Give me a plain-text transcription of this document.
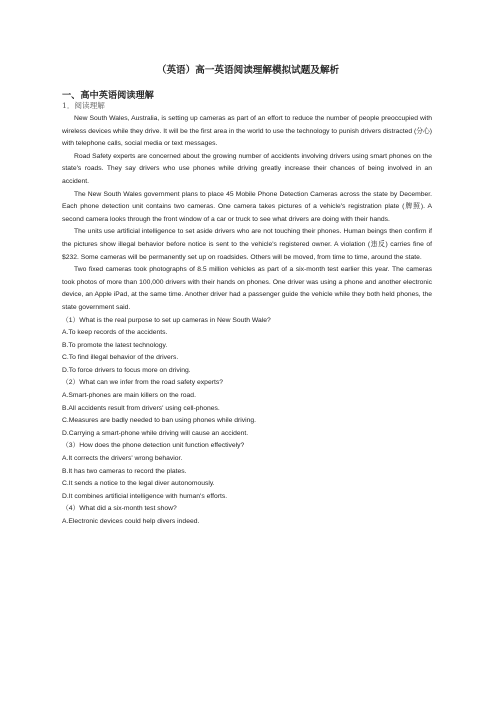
（英语）高一英语阅读理解模拟试题及解析
一、高中英语阅读理解
1．阅读理解

New South Wales, Australia, is setting up cameras as part of an effort to reduce the number of people preoccupied with wireless devices while they drive. It will be the first area in the world to use the technology to punish drivers distracted (分心) with telephone calls, social media or text messages.

Road Safety experts are concerned about the growing number of accidents involving drivers using smart phones on the state's roads. They say drivers who use phones while driving greatly increase their chances of being involved in an accident.

The New South Wales government plans to place 45 Mobile Phone Detection Cameras across the state by December. Each phone detection unit contains two cameras. One camera takes pictures of a vehicle's registration plate (牌照). A second camera looks through the front window of a car or truck to see what drivers are doing with their hands.

The units use artificial intelligence to set aside drivers who are not touching their phones. Human beings then confirm if the pictures show illegal behavior before notice is sent to the vehicle's registered owner. A violation (违反) carries fine of $232. Some cameras will be permanently set up on roadsides. Others will be moved, from time to time, around the state.

Two fixed cameras took photographs of 8.5 million vehicles as part of a six-month test earlier this year. The cameras took photos of more than 100,000 drivers with their hands on phones. One driver was using a phone and another electronic device, an Apple iPad, at the same time. Another driver had a passenger guide the vehicle while they both held phones, the state government said.

（1）What is the real purpose to set up cameras in New South Wale?
A.To keep records of the accidents.
B.To promote the latest technology.
C.To find illegal behavior of the drivers.
D.To force drivers to focus more on driving.
（2）What can we infer from the road safety experts?
A.Smart-phones are main killers on the road.
B.All accidents result from drivers' using cell-phones.
C.Measures are badly needed to ban using phones while driving.
D.Carrying a smart-phone while driving will cause an accident.
（3）How does the phone detection unit function effectively?
A.It corrects the drivers' wrong behavior.
B.It has two cameras to record the plates.
C.It sends a notice to the legal diver autonomously.
D.It combines artificial intelligence with human's efforts.
（4）What did a six-month test show?
A.Electronic devices could help divers indeed.
